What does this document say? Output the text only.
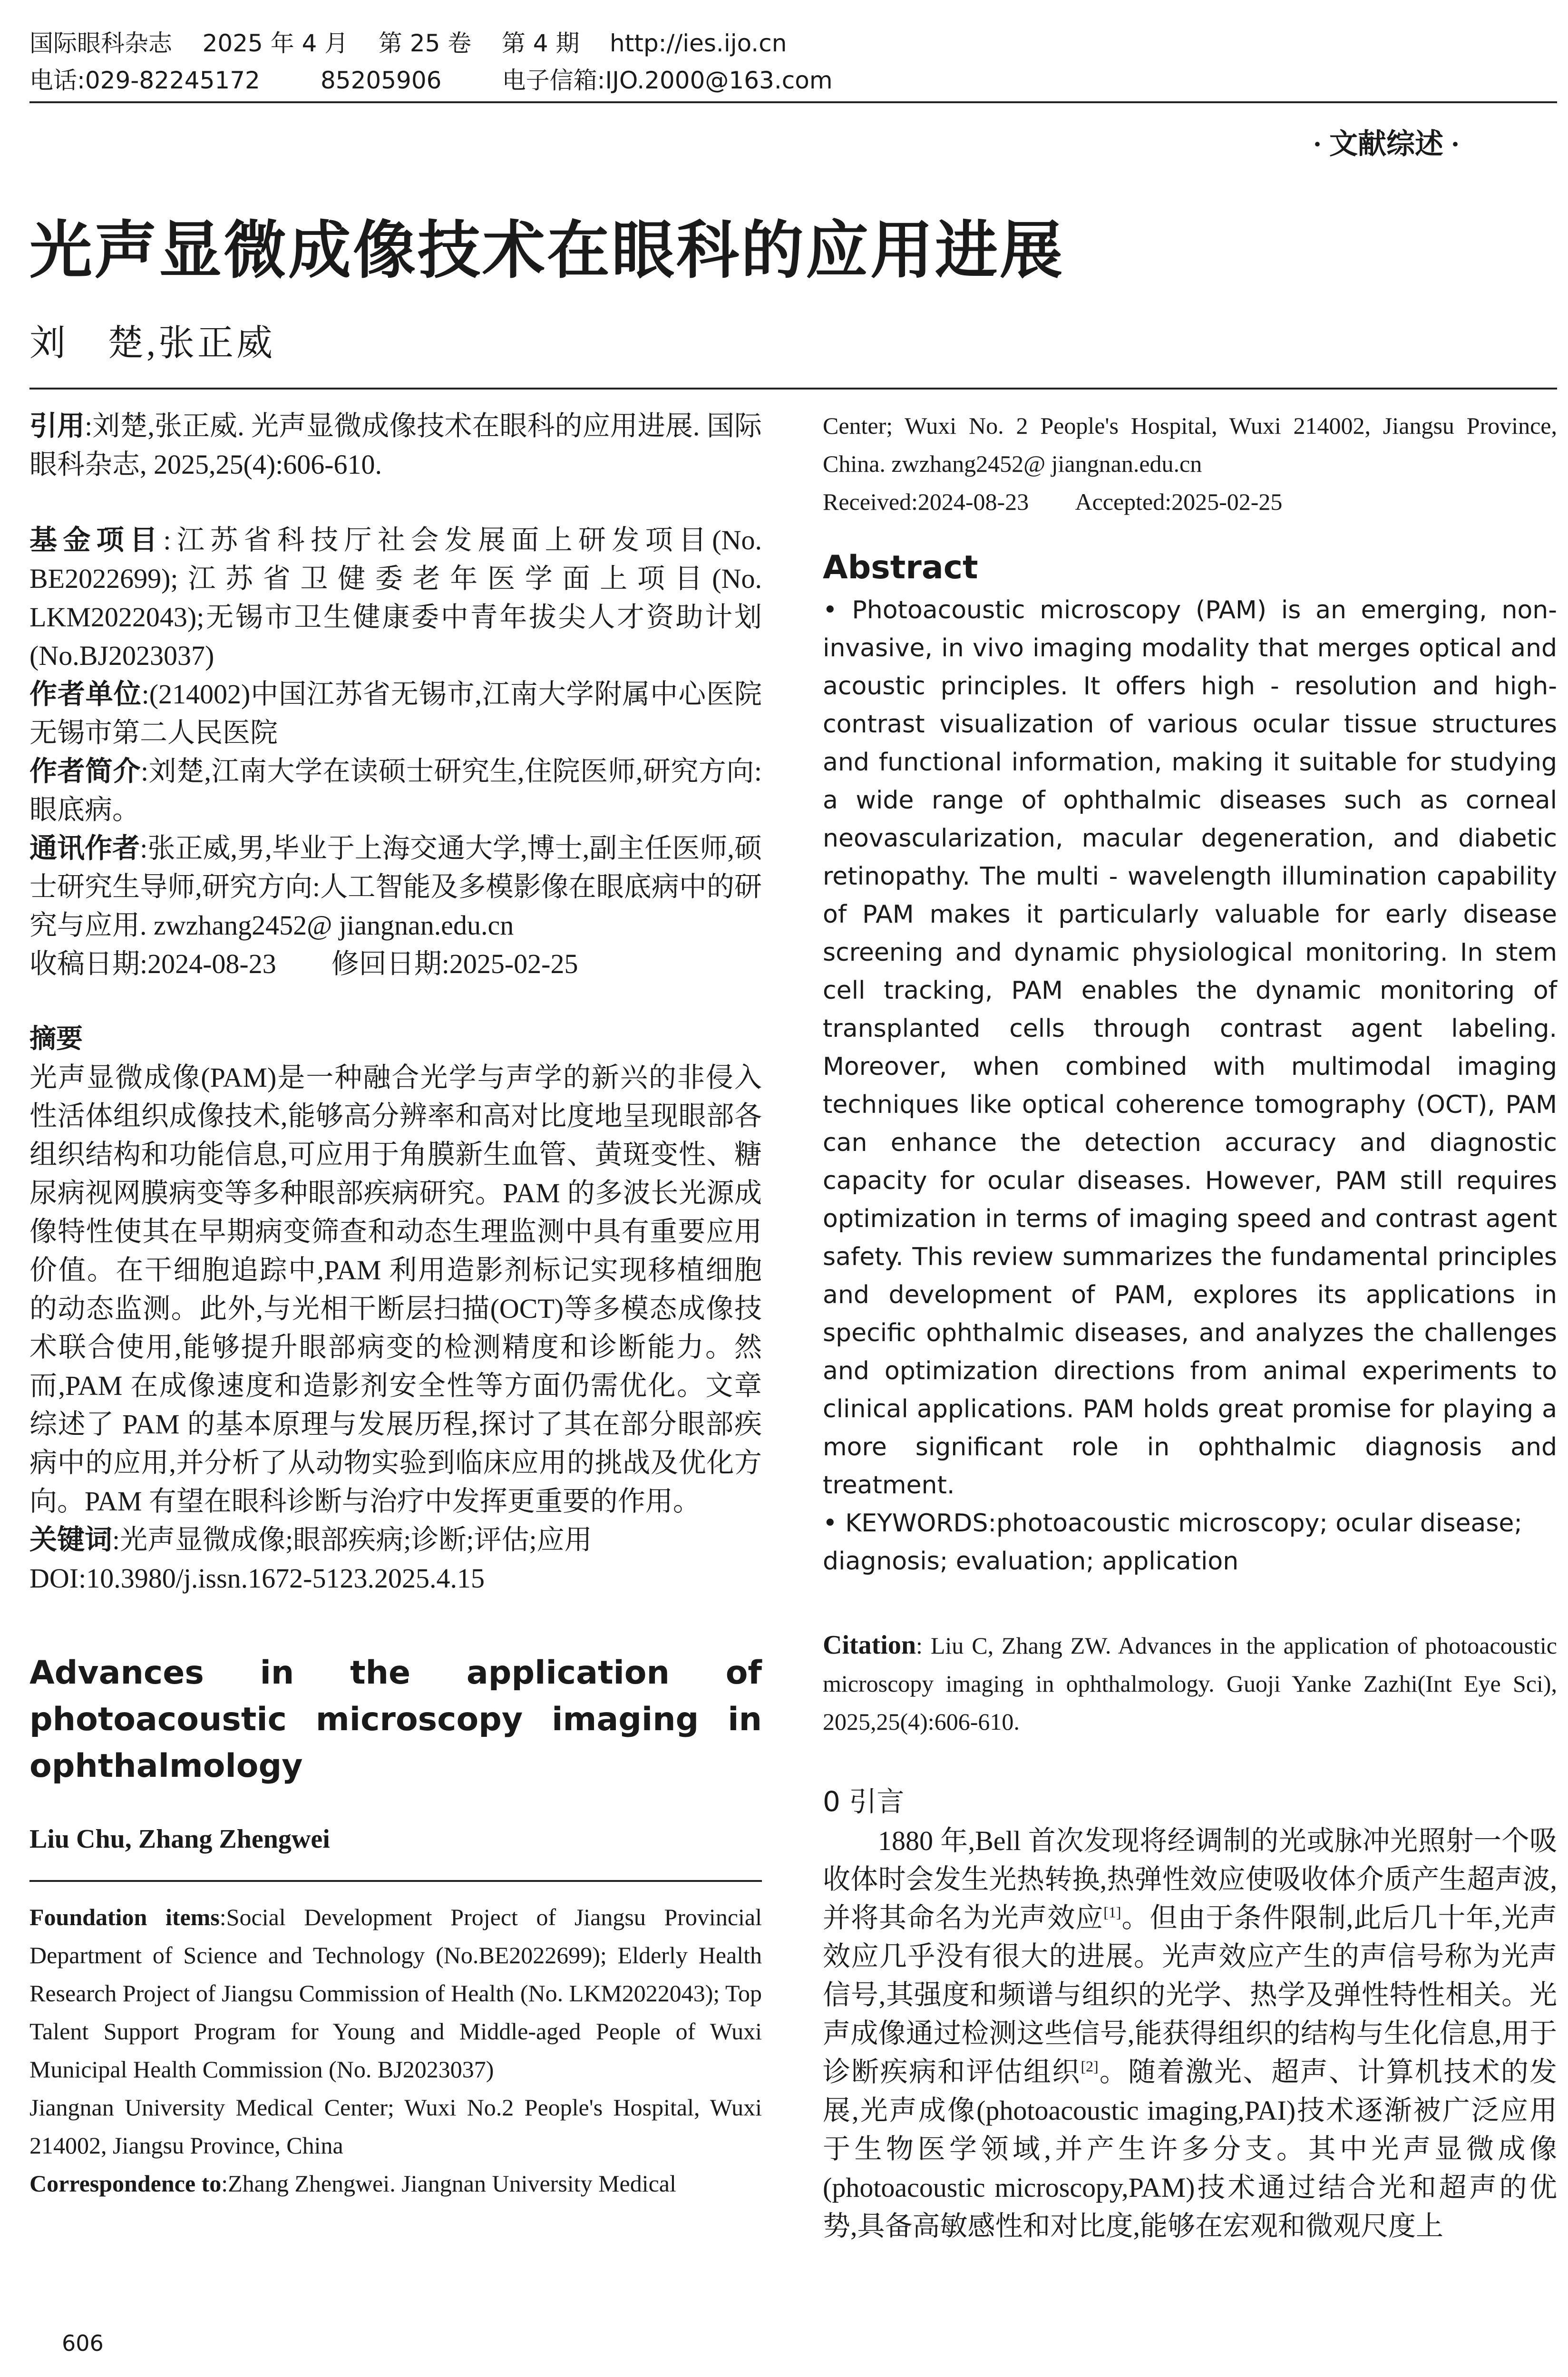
国际眼科杂志    2025 年 4 月    第 25 卷    第 4 期    http://ies.ijo.cn
电话:029-82245172        85205906        电子信箱:IJO.2000@163.com
· 文献综述 ·
光声显微成像技术在眼科的应用进展
刘　楚,张正威

引用:刘楚,张正威. 光声显微成像技术在眼科的应用进展. 国际眼科杂志, 2025,25(4):606-610.

基金项目:江苏省科技厅社会发展面上研发项目(No. BE2022699);江苏省卫健委老年医学面上项目(No. LKM2022043);无锡市卫生健康委中青年拔尖人才资助计划(No.BJ2023037)

作者单位:(214002)中国江苏省无锡市,江南大学附属中心医院 无锡市第二人民医院

作者简介:刘楚,江南大学在读硕士研究生,住院医师,研究方向:眼底病。

通讯作者:张正威,男,毕业于上海交通大学,博士,副主任医师,硕士研究生导师,研究方向:人工智能及多模影像在眼底病中的研究与应用. zwzhang2452@ jiangnan.edu.cn

收稿日期:2024-08-23        修回日期:2025-02-25

摘要

光声显微成像(PAM)是一种融合光学与声学的新兴的非侵入性活体组织成像技术,能够高分辨率和高对比度地呈现眼部各组织结构和功能信息,可应用于角膜新生血管、黄斑变性、糖尿病视网膜病变等多种眼部疾病研究。PAM 的多波长光源成像特性使其在早期病变筛查和动态生理监测中具有重要应用价值。在干细胞追踪中,PAM 利用造影剂标记实现移植细胞的动态监测。此外,与光相干断层扫描(OCT)等多模态成像技术联合使用,能够提升眼部病变的检测精度和诊断能力。然而,PAM 在成像速度和造影剂安全性等方面仍需优化。文章综述了 PAM 的基本原理与发展历程,探讨了其在部分眼部疾病中的应用,并分析了从动物实验到临床应用的挑战及优化方向。PAM 有望在眼科诊断与治疗中发挥更重要的作用。

关键词:光声显微成像;眼部疾病;诊断;评估;应用

DOI:10.3980/j.issn.1672-5123.2025.4.15

Advances in the application of photoacoustic microscopy imaging in ophthalmology

Liu Chu, Zhang Zhengwei

Foundation items:Social Development Project of Jiangsu Provincial Department of Science and Technology (No.BE2022699); Elderly Health Research Project of Jiangsu Commission of Health (No. LKM2022043); Top Talent Support Program for Young and Middle-aged People of Wuxi Municipal Health Commission (No. BJ2023037)

Jiangnan University Medical Center; Wuxi No.2 People's Hospital, Wuxi 214002, Jiangsu Province, China

Correspondence to:Zhang Zhengwei. Jiangnan University Medical

Center; Wuxi No. 2 People's Hospital, Wuxi 214002, Jiangsu Province, China. zwzhang2452@ jiangnan.edu.cn

Received:2024-08-23        Accepted:2025-02-25

Abstract

• Photoacoustic microscopy (PAM) is an emerging, non-invasive, in vivo imaging modality that merges optical and acoustic principles. It offers high - resolution and high- contrast visualization of various ocular tissue structures and functional information, making it suitable for studying a wide range of ophthalmic diseases such as corneal neovascularization, macular degeneration, and diabetic retinopathy. The multi - wavelength illumination capability of PAM makes it particularly valuable for early disease screening and dynamic physiological monitoring. In stem cell tracking, PAM enables the dynamic monitoring of transplanted cells through contrast agent labeling. Moreover, when combined with multimodal imaging techniques like optical coherence tomography (OCT), PAM can enhance the detection accuracy and diagnostic capacity for ocular diseases. However, PAM still requires optimization in terms of imaging speed and contrast agent safety. This review summarizes the fundamental principles and development of PAM, explores its applications in specific ophthalmic diseases, and analyzes the challenges and optimization directions from animal experiments to clinical applications. PAM holds great promise for playing a more significant role in ophthalmic diagnosis and treatment.

• KEYWORDS:photoacoustic microscopy; ocular disease; diagnosis; evaluation; application

Citation: Liu C, Zhang ZW. Advances in the application of photoacoustic microscopy imaging in ophthalmology. Guoji Yanke Zazhi(Int Eye Sci), 2025,25(4):606-610.

0 引言

1880 年,Bell 首次发现将经调制的光或脉冲光照射一个吸收体时会发生光热转换,热弹性效应使吸收体介质产生超声波,并将其命名为光声效应[1]。但由于条件限制,此后几十年,光声效应几乎没有很大的进展。光声效应产生的声信号称为光声信号,其强度和频谱与组织的光学、热学及弹性特性相关。光声成像通过检测这些信号,能获得组织的结构与生化信息,用于诊断疾病和评估组织[2]。随着激光、超声、计算机技术的发展,光声成像(photoacoustic imaging,PAI)技术逐渐被广泛应用于生物医学领域,并产生许多分支。其中光声显微成像(photoacoustic microscopy,PAM)技术通过结合光和超声的优势,具备高敏感性和对比度,能够在宏观和微观尺度上

606
